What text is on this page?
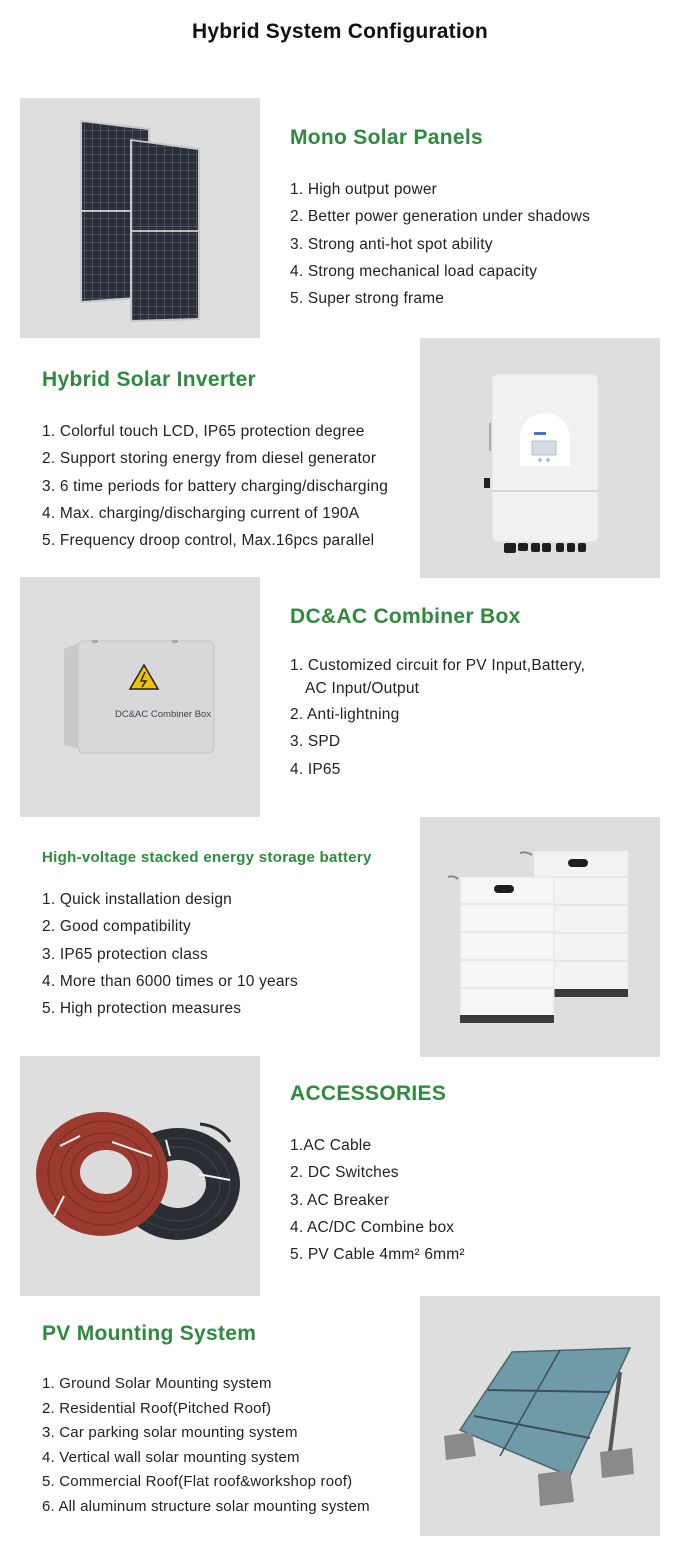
Hybrid System Configuration
Mono Solar Panels
1. High output power
2. Better power generation under shadows
3. Strong anti-hot spot ability
4. Strong mechanical load capacity
5. Super strong frame
Hybrid Solar Inverter
1. Colorful touch LCD, IP65 protection degree
2. Support storing energy from diesel generator
3. 6 time periods for battery charging/discharging
4. Max. charging/discharging current of 190A
5. Frequency droop control, Max.16pcs parallel
DC&AC Combiner Box
DC&AC Combiner Box
1. Customized circuit for PV Input,Battery,
AC Input/Output
2. Anti-lightning
3. SPD
4. IP65
High-voltage stacked energy storage battery
1. Quick installation design
2. Good compatibility
3. IP65 protection class
4. More than 6000 times or 10 years
5. High protection measures
ACCESSORIES
1.AC Cable
2. DC Switches
3. AC Breaker
4. AC/DC Combine box
5. PV Cable 4mm² 6mm²
PV Mounting System
1. Ground Solar Mounting system
2. Residential Roof(Pitched Roof)
3. Car parking solar mounting system
4. Vertical wall solar mounting system
5. Commercial Roof(Flat roof&workshop roof)
6. All aluminum structure solar mounting system
